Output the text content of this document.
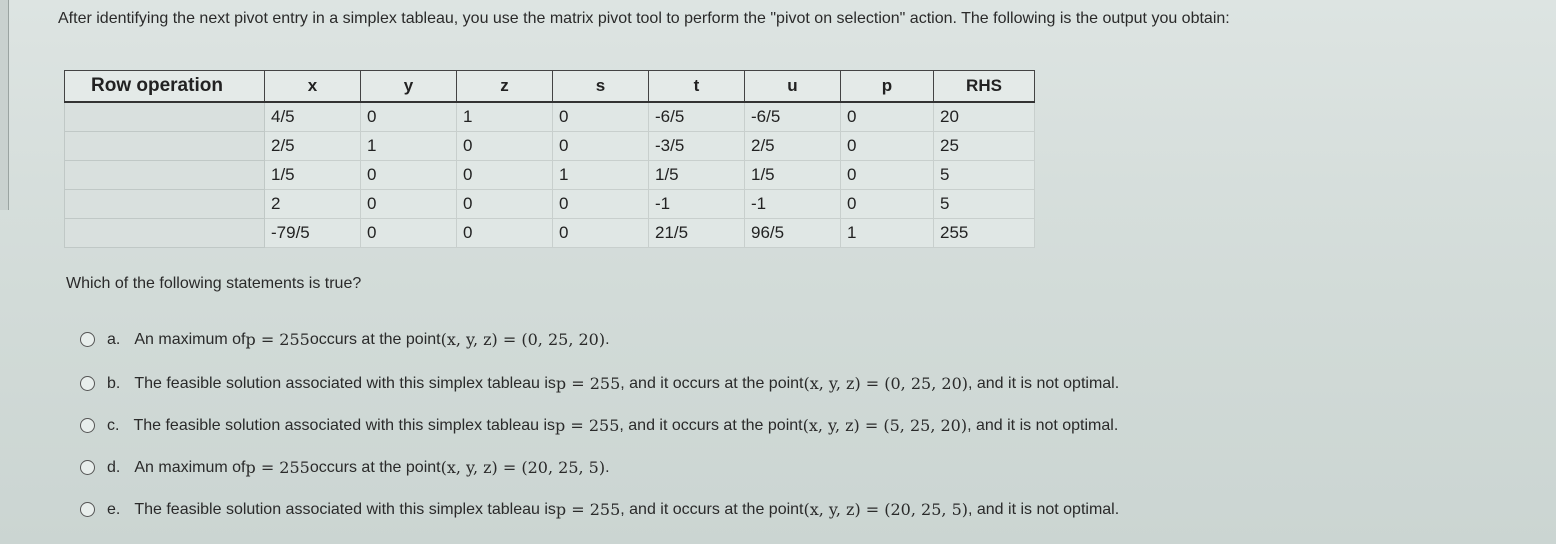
After identifying the next pivot entry in a simplex tableau, you use the matrix pivot tool to perform the "pivot on selection" action. The following is the output you obtain:
Row operation	x	y	z	s	t	u	p	RHS
	4/5	0	1	0	-6/5	-6/5	0	20
	2/5	1	0	0	-3/5	2/5	0	25
	1/5	0	0	1	1/5	1/5	0	5
	2	0	0	0	-1	-1	0	5
	-79/5	0	0	0	21/5	96/5	1	255
Which of the following statements is true?
a. An maximum of p = 255 occurs at the point (x, y, z) = (0, 25, 20) .
b. The feasible solution associated with this simplex tableau is p = 255 , and it occurs at the point (x, y, z) = (0, 25, 20) , and it is not optimal.
c. The feasible solution associated with this simplex tableau is p = 255 , and it occurs at the point (x, y, z) = (5, 25, 20) , and it is not optimal.
d. An maximum of p = 255 occurs at the point (x, y, z) = (20, 25, 5) .
e. The feasible solution associated with this simplex tableau is p = 255 , and it occurs at the point (x, y, z) = (20, 25, 5) , and it is not optimal.
